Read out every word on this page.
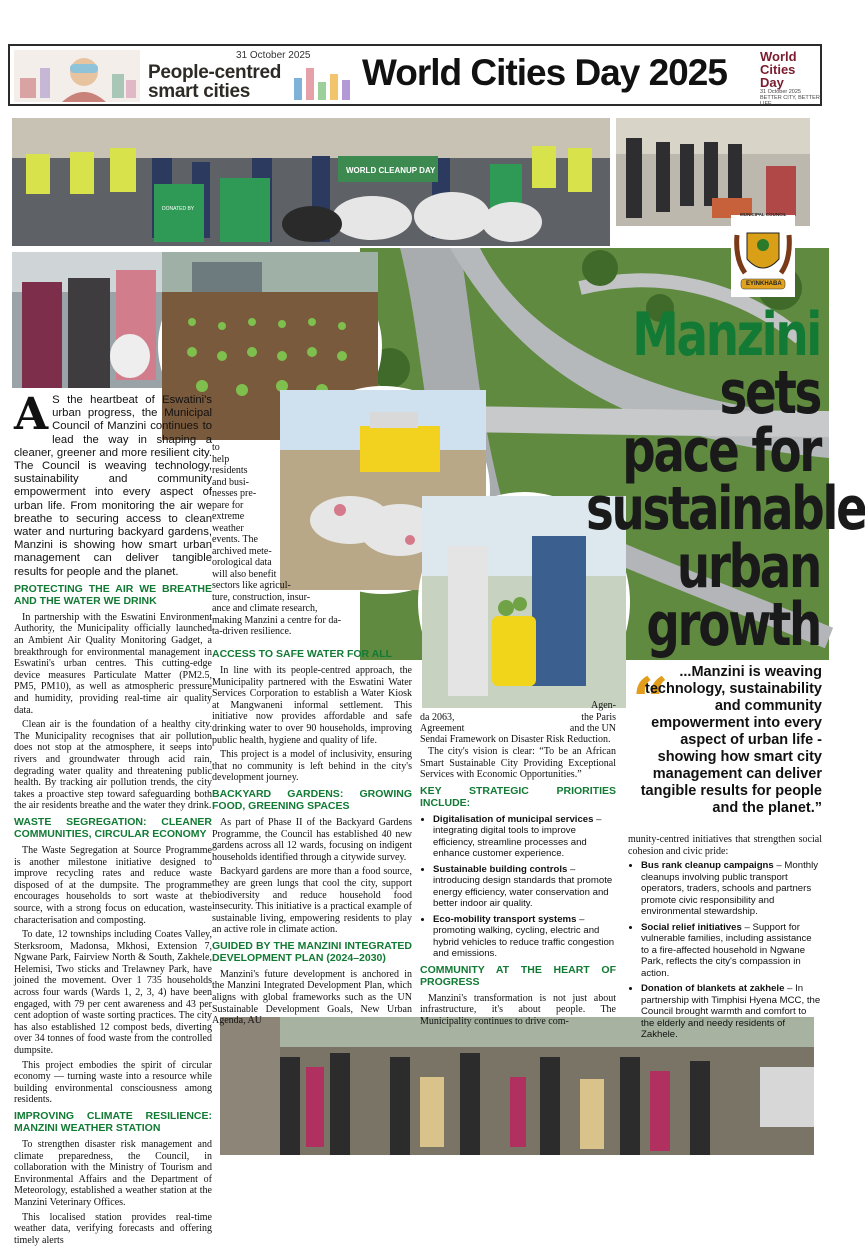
31 October 2025
People-centred
smart cities	World Cities Day 2025	World
Cities
Day
31 October 2025
BETTER CITY, BETTER LIFE
WORLD CLEANUP DAY
DONATED BY
MUNICIPAL COUNCIL
EYINKHABA
Manzini sets
pace for
sustainable
urban
growth
“ ...Manzini is weaving technology, sustainability and community empowerment into every aspect of urban life - showing how smart city management can deliver tangible results for people and the planet.”
A S the heartbeat of Eswatini's urban progress, the Municipal Council of Manzini continues to lead the way in shaping a cleaner, greener and more resilient city. The Council is weaving technology, sustainability and community empowerment into every aspect of urban life. From monitoring the air we breathe to securing access to clean water and nurturing backyard gardens, Manzini is showing how smart urban management can deliver tangible results for people and the planet.
PROTECTING THE AIR WE BREATHE AND THE WATER WE DRINK

In partnership with the Eswatini Environment Authority, the Municipality officially launched an Ambient Air Quality Monitoring Gadget, a breakthrough for environmental management in Eswatini's urban centres. This cutting-edge device measures Particulate Matter (PM2.5, PM5, PM10), as well as atmospheric pressure and humidity, providing real-time air quality data.

Clean air is the foundation of a healthy city. The Municipality recognises that air pollution does not stop at the atmosphere, it seeps into rivers and groundwater through acid rain, degrading water quality and threatening public health. By tracking air pollution trends, the city takes a proactive step toward safeguarding both the air residents breathe and the water they drink.

WASTE SEGREGATION: CLEANER COMMUNITIES, CIRCULAR ECONOMY

The Waste Segregation at Source Programme is another milestone initiative designed to improve recycling rates and reduce waste disposed of at the dumpsite. The programme encourages households to sort waste at the source, with a strong focus on education, waste characterisation and composting.

To date, 12 townships including Coates Valley, Sterksroom, Madonsa, Mkhosi, Extension 7, Ngwane Park, Fairview North & South, Zakhele, Helemisi, Two sticks and Trelawney Park, have joined the movement. Over 1 735 households across four wards (Wards 1, 2, 3, 4) have been engaged, with 79 per cent awareness and 43 per cent adoption of waste sorting practices. The city has also established 12 compost beds, diverting over 34 tonnes of food waste from the controlled dumpsite.

This project embodies the spirit of circular economy — turning waste into a resource while building environmental consciousness among residents.

IMPROVING CLIMATE RESILIENCE: MANZINI WEATHER STATION

To strengthen disaster risk management and climate preparedness, the Council, in collaboration with the Ministry of Tourism and Environmental Affairs and the Department of Meteorology, established a weather station at the Manzini Veterinary Offices.

This localised station provides real-time weather data, verifying forecasts and offering timely alerts

to
help
residents
and busi-
nesses pre-
pare for
extreme
weather
events. The
archived mete-
orological data
will also benefit
sectors like agricul-
ture, construction, insur-
ance and climate research,
making Manzini a centre for da-
ta-driven resilience.
ACCESS TO SAFE WATER FOR ALL

In line with its people-centred approach, the Municipality partnered with the Eswatini Water Services Corporation to establish a Water Kiosk at Mangwaneni informal settlement. This initiative now provides affordable and safe drinking water to over 90 households, improving public health, hygiene and quality of life.

This project is a model of inclusivity, ensuring that no community is left behind in the city's development journey.

BACKYARD GARDENS: GROWING FOOD, GREENING SPACES

As part of Phase II of the Backyard Gardens Programme, the Council has established 40 new gardens across all 12 wards, focusing on indigent households identified through a citywide survey.

Backyard gardens are more than a food source, they are green lungs that cool the city, support biodiversity and reduce household food insecurity. This initiative is a practical example of sustainable living, empowering residents to play an active role in climate action.

GUIDED BY THE MANZINI INTEGRATED DEVELOPMENT PLAN (2024–2030)

Manzini's future development is anchored in the Manzini Integrated Development Plan, which aligns with global frameworks such as the UN Sustainable Development Goals, New Urban Agenda, AU

Agen-
da 2063,	the Paris
Agreement	and the UN
Sendai Framework on Disaster Risk Reduction.

The city's vision is clear: “To be an African Smart Sustainable City Providing Exceptional Services with Economic Opportunities.”

KEY STRATEGIC PRIORITIES INCLUDE:
• Digitalisation of municipal services – integrating digital tools to improve efficiency, streamline processes and enhance customer experience.
• Sustainable building controls – introducing design standards that promote energy efficiency, water conservation and better indoor air quality.
• Eco-mobility transport systems – promoting walking, cycling, electric and hybrid vehicles to reduce traffic congestion and emissions.
COMMUNITY AT THE HEART OF PROGRESS

Manzini's transformation is not just about infrastructure, it's about people. The Municipality continues to drive com-

munity-centred initiatives that strengthen social cohesion and civic pride:

• Bus rank cleanup campaigns – Monthly cleanups involving public transport operators, traders, schools and partners promote civic responsibility and environmental stewardship.
• Social relief initiatives – Support for vulnerable families, including assistance to a fire-affected household in Ngwane Park, reflects the city's compassion in action.
• Donation of blankets at zakhele – In partnership with Timphisi Hyena MCC, the Council brought warmth and comfort to the elderly and needy residents of Zakhele.
